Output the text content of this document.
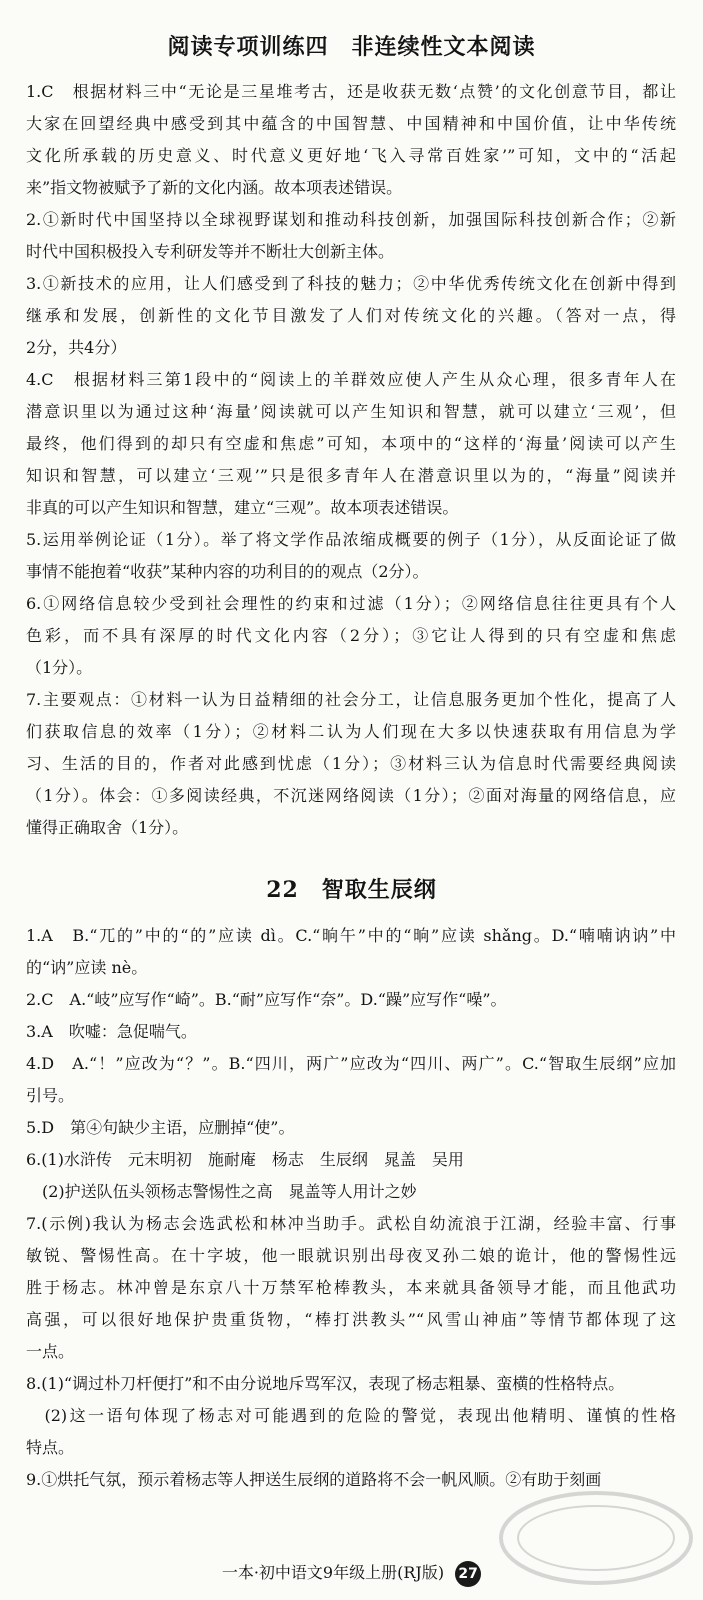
阅读专项训练四　非连续性文本阅读
1.C　根据材料三中“无论是三星堆考古，还是收获无数‘点赞’的文化创意节目，都让
大家在回望经典中感受到其中蕴含的中国智慧、中国精神和中国价值，让中华传统
文化所承载的历史意义、时代意义更好地‘飞入寻常百姓家’”可知，文中的“活起
来”指文物被赋予了新的文化内涵。故本项表述错误。
2.①新时代中国坚持以全球视野谋划和推动科技创新，加强国际科技创新合作；②新
时代中国积极投入专利研发等并不断壮大创新主体。
3.①新技术的应用，让人们感受到了科技的魅力；②中华优秀传统文化在创新中得到
继承和发展，创新性的文化节目激发了人们对传统文化的兴趣。（答对一点，得
2分，共4分）
4.C　根据材料三第1段中的“阅读上的羊群效应使人产生从众心理，很多青年人在
潜意识里以为通过这种‘海量’阅读就可以产生知识和智慧，就可以建立‘三观’，但
最终，他们得到的却只有空虚和焦虑”可知，本项中的“这样的‘海量’阅读可以产生
知识和智慧，可以建立‘三观’”只是很多青年人在潜意识里以为的，“海量”阅读并
非真的可以产生知识和智慧，建立“三观”。故本项表述错误。
5.运用举例论证（1分）。举了将文学作品浓缩成概要的例子（1分），从反面论证了做
事情不能抱着“收获”某种内容的功利目的的观点（2分）。
6.①网络信息较少受到社会理性的约束和过滤（1分）；②网络信息往往更具有个人
色彩，而不具有深厚的时代文化内容（2分）；③它让人得到的只有空虚和焦虑
（1分）。
7.主要观点：①材料一认为日益精细的社会分工，让信息服务更加个性化，提高了人
们获取信息的效率（1分）；②材料二认为人们现在大多以快速获取有用信息为学
习、生活的目的，作者对此感到忧虑（1分）；③材料三认为信息时代需要经典阅读
（1分）。体会：①多阅读经典，不沉迷网络阅读（1分）；②面对海量的网络信息，应
懂得正确取舍（1分）。
22　智取生辰纲
1.A　B.“兀的”中的“的”应读 dì。C.“晌午”中的“晌”应读 shǎng。D.“喃喃讷讷”中
的“讷”应读 nè。
2.C　A.“岐”应写作“崎”。B.“耐”应写作“奈”。D.“躁”应写作“噪”。
3.A　吹嘘：急促喘气。
4.D　A.“！”应改为“？”。B.“四川，两广”应改为“四川、两广”。C.“智取生辰纲”应加
引号。
5.D　第④句缺少主语，应删掉“使”。
6.(1)水浒传　元末明初　施耐庵　杨志　生辰纲　晁盖　吴用
　(2)护送队伍头领杨志警惕性之高　晁盖等人用计之妙
7.(示例)我认为杨志会选武松和林冲当助手。武松自幼流浪于江湖，经验丰富、行事
敏锐、警惕性高。在十字坡，他一眼就识别出母夜叉孙二娘的诡计，他的警惕性远
胜于杨志。林冲曾是东京八十万禁军枪棒教头，本来就具备领导才能，而且他武功
高强，可以很好地保护贵重货物，“棒打洪教头”“风雪山神庙”等情节都体现了这
一点。
8.(1)“调过朴刀杆便打”和不由分说地斥骂军汉，表现了杨志粗暴、蛮横的性格特点。
　(2)这一语句体现了杨志对可能遇到的危险的警觉，表现出他精明、谨慎的性格
特点。
9.①烘托气氛，预示着杨志等人押送生辰纲的道路将不会一帆风顺。②有助于刻画
一本·初中语文9年级上册(RJ版) 27
